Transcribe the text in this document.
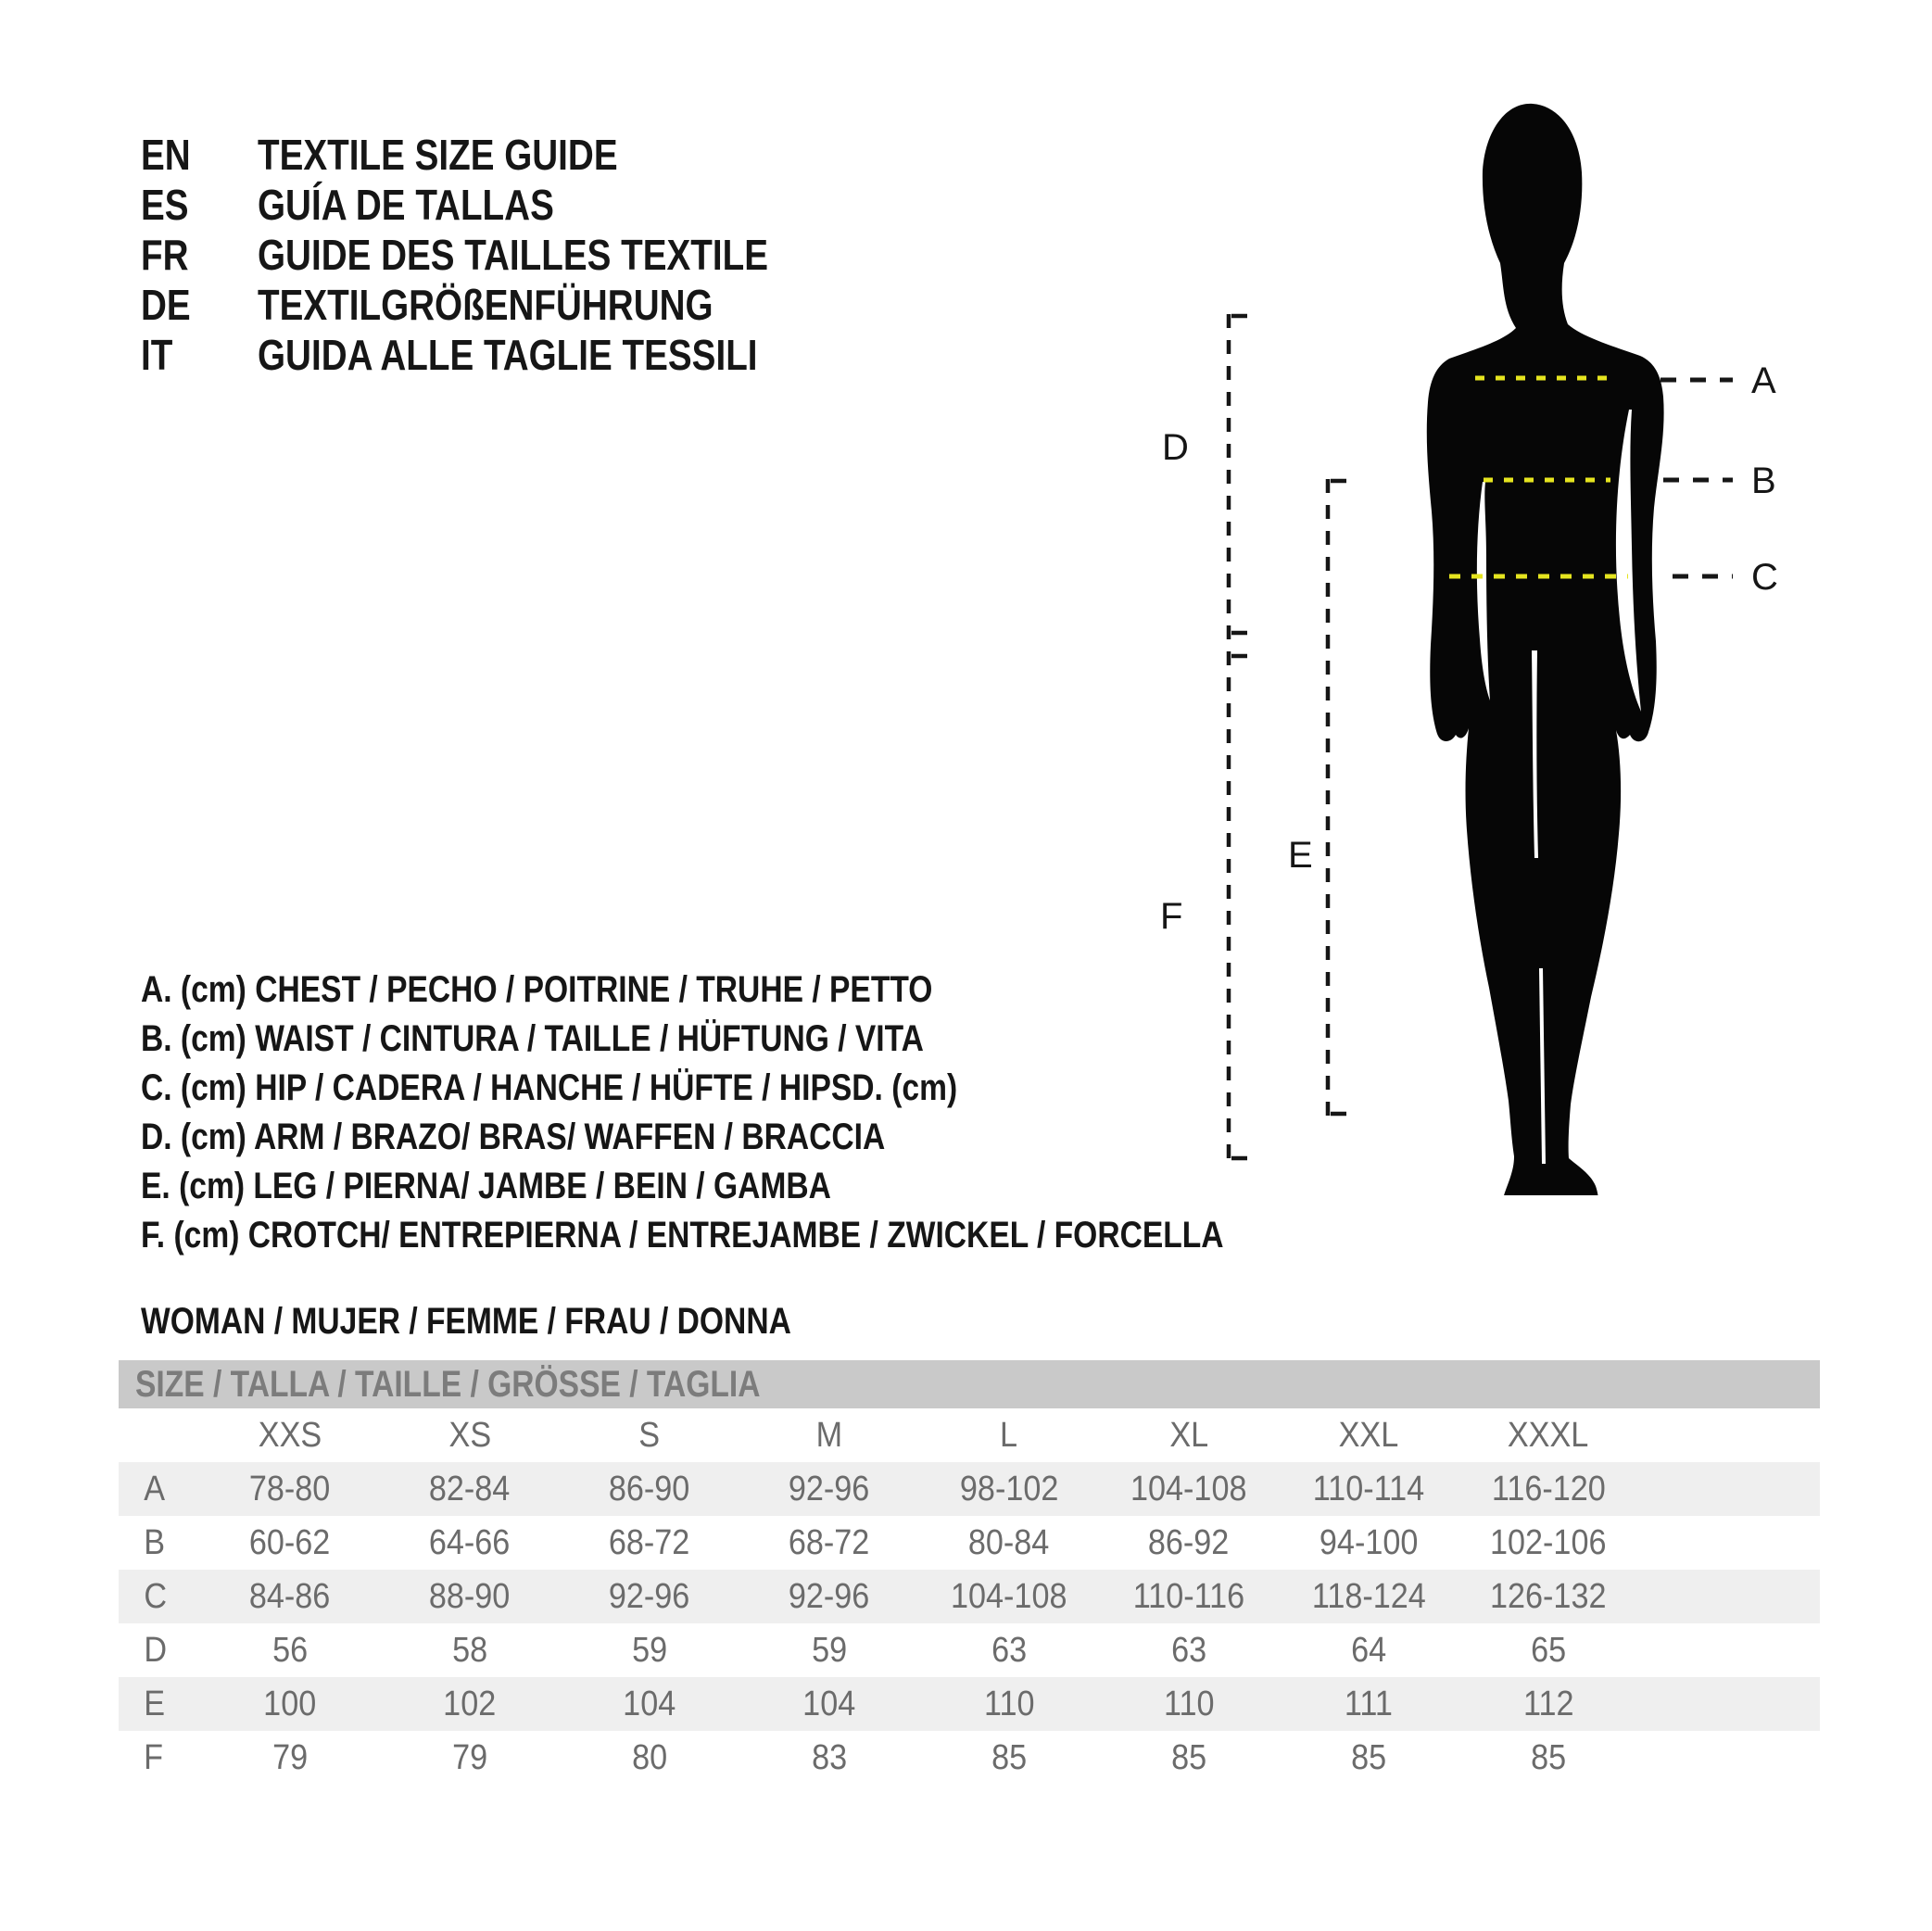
EN	TEXTILE SIZE GUIDE
ES	GUÍA DE TALLAS
FR	GUIDE DES TAILLES TEXTILE
DE	TEXTILGRÖßENFÜHRUNG
IT	GUIDA ALLE TAGLIE TESSILI
A
B
C
D
E
F
A. (cm) CHEST / PECHO / POITRINE / TRUHE / PETTO
B. (cm) WAIST / CINTURA / TAILLE / HÜFTUNG / VITA
C. (cm) HIP / CADERA / HANCHE / HÜFTE / HIPSD. (cm)
D. (cm) ARM / BRAZO/ BRAS/ WAFFEN / BRACCIA
E. (cm) LEG / PIERNA/ JAMBE / BEIN / GAMBA
F. (cm) CROTCH/ ENTREPIERNA / ENTREJAMBE / ZWICKEL / FORCELLA
WOMAN / MUJER / FEMME / FRAU / DONNA
SIZE / TALLA / TAILLE / GRÖSSE / TAGLIA
XXS	XS	S	M	L	XL	XXL	XXXL
A	78-80	82-84	86-90	92-96	98-102	104-108	110-114	116-120
B	60-62	64-66	68-72	68-72	80-84	86-92	94-100	102-106
C	84-86	88-90	92-96	92-96	104-108	110-116	118-124	126-132
D	56	58	59	59	63	63	64	65
E	100	102	104	104	110	110	111	112
F	79	79	80	83	85	85	85	85
